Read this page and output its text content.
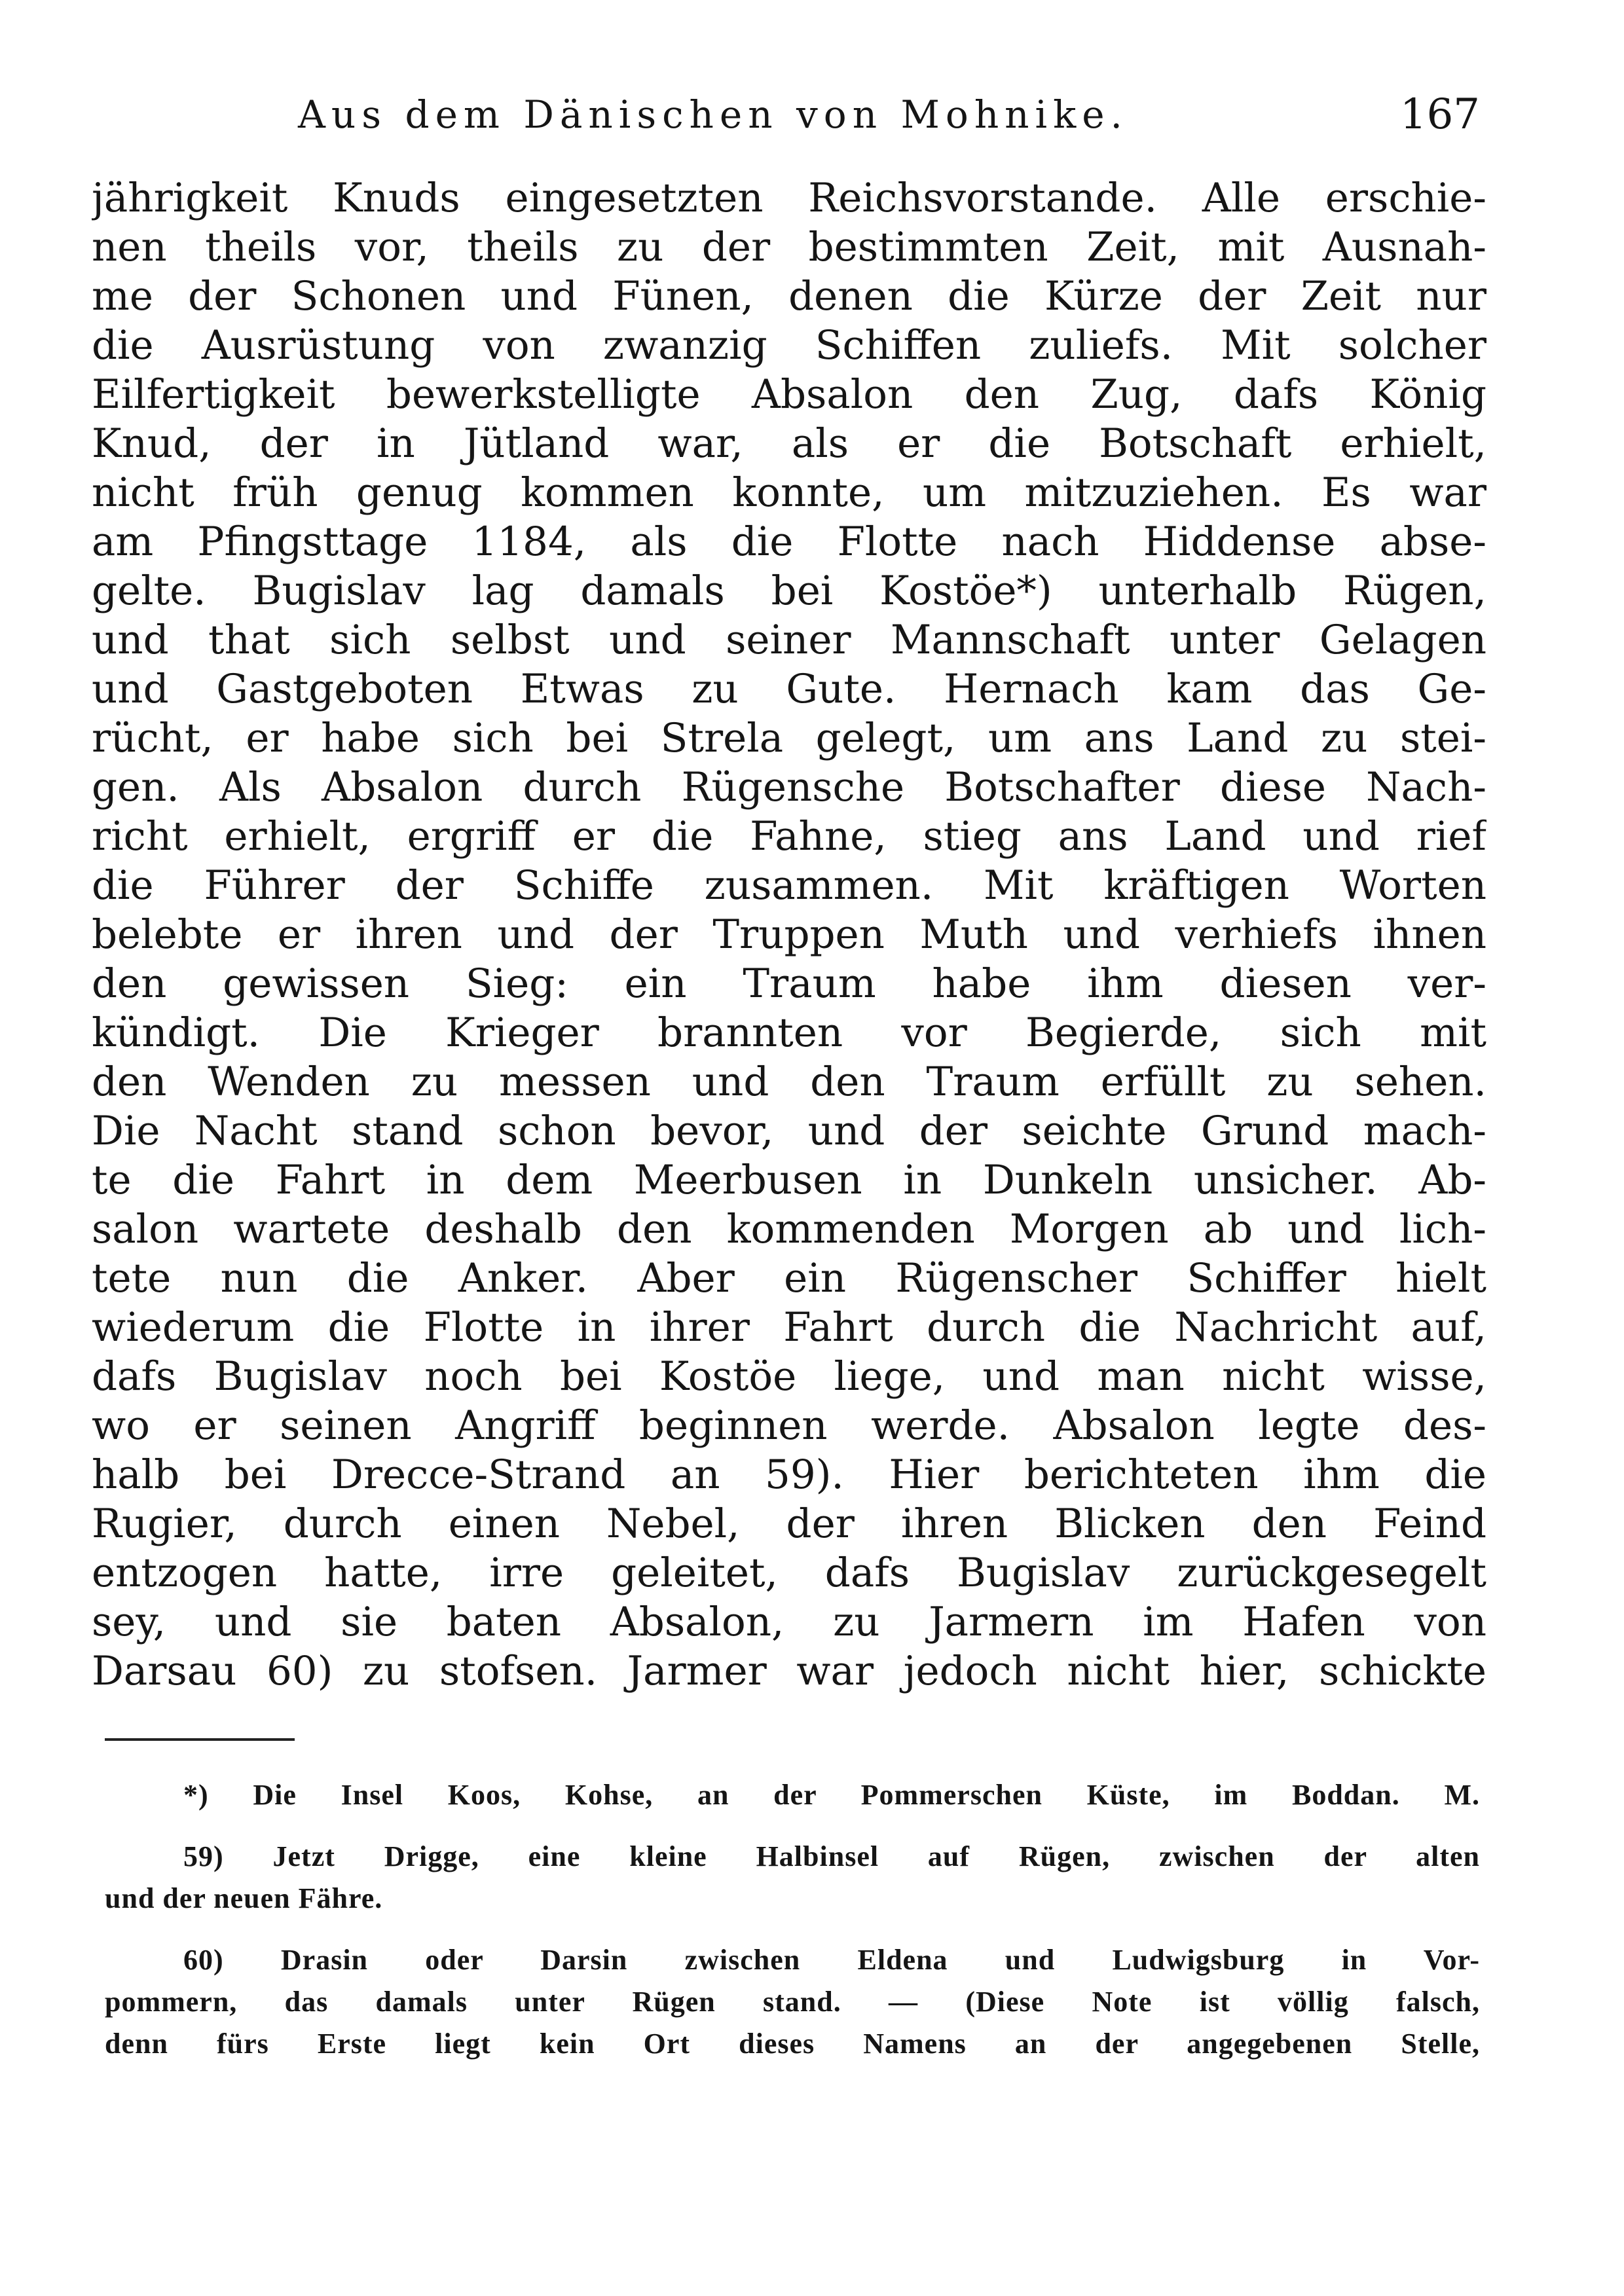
Aus dem Dänischen von Mohnike.	167
jährigkeit Knuds eingesetzten Reichsvorstande. Alle erschie-
nen theils vor, theils zu der bestimmten Zeit, mit Ausnah-
me der Schonen und Fünen, denen die Kürze der Zeit nur
die Ausrüstung von zwanzig Schiffen zuliefs. Mit solcher
Eilfertigkeit bewerkstelligte Absalon den Zug, dafs König
Knud, der in Jütland war, als er die Botschaft erhielt,
nicht früh genug kommen konnte, um mitzuziehen. Es war
am Pfingsttage 1184, als die Flotte nach Hiddense abse-
gelte. Bugislav lag damals bei Kostöe*) unterhalb Rügen,
und that sich selbst und seiner Mannschaft unter Gelagen
und Gastgeboten Etwas zu Gute. Hernach kam das Ge-
rücht, er habe sich bei Strela gelegt, um ans Land zu stei-
gen. Als Absalon durch Rügensche Botschafter diese Nach-
richt erhielt, ergriff er die Fahne, stieg ans Land und rief
die Führer der Schiffe zusammen. Mit kräftigen Worten
belebte er ihren und der Truppen Muth und verhiefs ihnen
den gewissen Sieg: ein Traum habe ihm diesen ver-
kündigt. Die Krieger brannten vor Begierde, sich mit
den Wenden zu messen und den Traum erfüllt zu sehen.
Die Nacht stand schon bevor, und der seichte Grund mach-
te die Fahrt in dem Meerbusen in Dunkeln unsicher. Ab-
salon wartete deshalb den kommenden Morgen ab und lich-
tete nun die Anker. Aber ein Rügenscher Schiffer hielt
wiederum die Flotte in ihrer Fahrt durch die Nachricht auf,
dafs Bugislav noch bei Kostöe liege, und man nicht wisse,
wo er seinen Angriff beginnen werde. Absalon legte des-
halb bei Drecce-Strand an 59). Hier berichteten ihm die
Rugier, durch einen Nebel, der ihren Blicken den Feind
entzogen hatte, irre geleitet, dafs Bugislav zurückgesegelt
sey, und sie baten Absalon, zu Jarmern im Hafen von
Darsau 60) zu stofsen. Jarmer war jedoch nicht hier, schickte
*) Die Insel Koos, Kohse, an der Pommerschen Küste, im Boddan. M.
59) Jetzt Drigge, eine kleine Halbinsel auf Rügen, zwischen der alten
und der neuen Fähre.
60) Drasin oder Darsin zwischen Eldena und Ludwigsburg in Vor-
pommern, das damals unter Rügen stand. — (Diese Note ist völlig falsch,
denn fürs Erste liegt kein Ort dieses Namens an der angegebenen Stelle,
